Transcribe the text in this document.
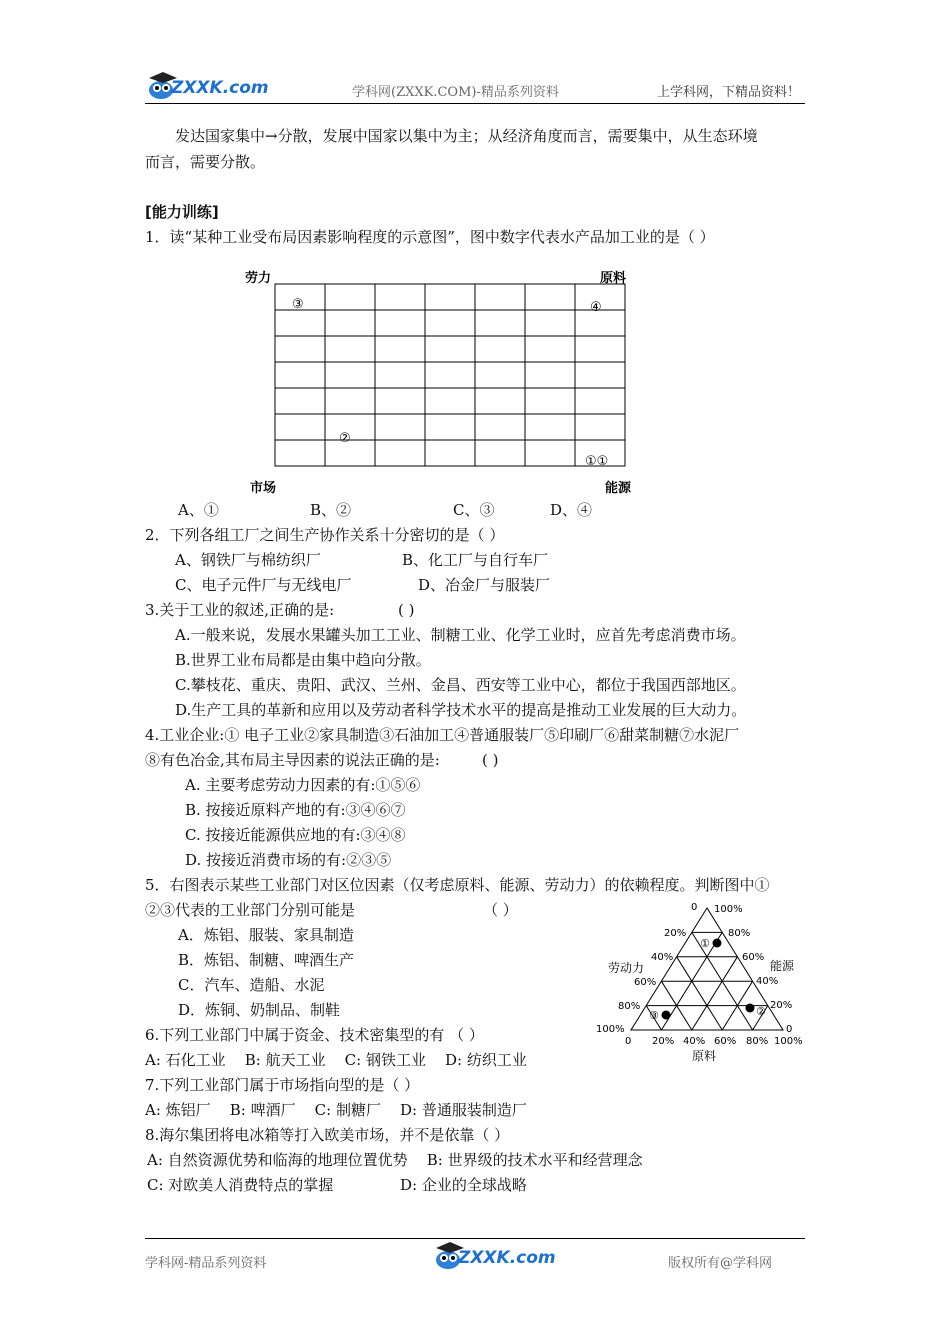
ZXXK.com	学科网(ZXXK.COM)-精品系列资料	上学科网，下精品资料！
发达国家集中→分散，发展中国家以集中为主；从经济角度而言，需要集中，从生态环境
而言，需要分散。
[能力训练]
1．读“某种工业受布局因素影响程度的示意图”，图中数字代表水产品加工业的是（ ）
劳力	原料
市场	能源
③	④
②
①①
A、①	B、②	C、③	D、④
2．下列各组工厂之间生产协作关系十分密切的是（ ）
A、钢铁厂与棉纺织厂	B、化工厂与自行车厂
C、电子元件厂与无线电厂	D、冶金厂与服装厂
3.关于工业的叙述,正确的是:	( )
A.一般来说，发展水果罐头加工工业、制糖工业、化学工业时，应首先考虑消费市场。
B.世界工业布局都是由集中趋向分散。
C.攀枝花、重庆、贵阳、武汉、兰州、金昌、西安等工业中心，都位于我国西部地区。
D.生产工具的革新和应用以及劳动者科学技术水平的提高是推动工业发展的巨大动力。
4.工业企业:① 电子工业②家具制造③石油加工④普通服装厂⑤印刷厂⑥甜菜制糖⑦水泥厂
⑧有色冶金,其布局主导因素的说法正确的是:	( )
A. 主要考虑劳动力因素的有:①⑤⑥
B. 按接近原料产地的有:③④⑥⑦
C. 按接近能源供应地的有:③④⑧
D. 按接近消费市场的有:②③⑤
5．右图表示某些工业部门对区位因素（仅考虑原料、能源、劳动力）的依赖程度。判断图中①
②③代表的工业部门分别可能是	（ ）
A．炼铝、服装、家具制造
B．炼铝、制糖、啤酒生产
C．汽车、造船、水泥
D．炼铜、奶制品、制鞋
0
20%
40%
60%
80%
100%
100%
80%
60%
40%
20%
0
0 20% 40% 60% 80% 100%
劳动力	能源
原料
①
②
③
6.下列工业部门中属于资金、技术密集型的有 （ ）
A: 石化工业    B: 航天工业    C: 钢铁工业    D: 纺织工业
7.下列工业部门属于市场指向型的是（ ）
A: 炼铝厂    B: 啤酒厂    C: 制糖厂    D: 普通服装制造厂
8.海尔集团将电冰箱等打入欧美市场，并不是依靠（ ）
A: 自然资源优势和临海的地理位置优势    B: 世界级的技术水平和经营理念
C: 对欧美人消费特点的掌握              D: 企业的全球战略
学科网-精品系列资料	ZXXK.com	版权所有@学科网
